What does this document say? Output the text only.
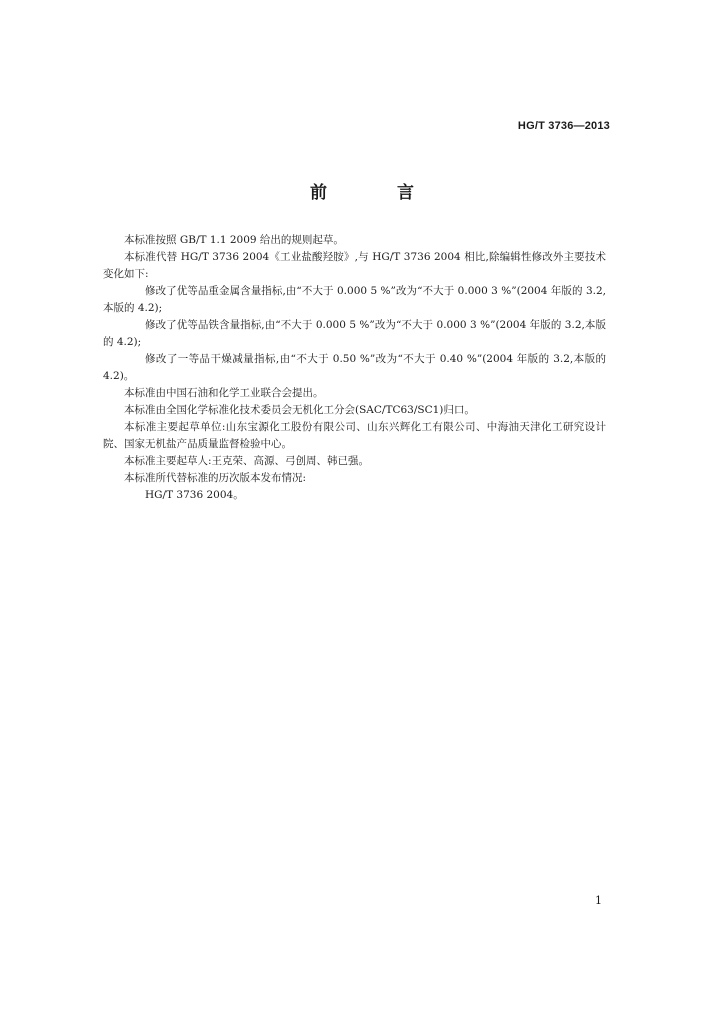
HG/T 3736—2013
前 言

本标准按照 GB/T 1.1 2009 给出的规则起草。

本标准代替 HG/T 3736 2004《工业盐酸羟胺》,与 HG/T 3736 2004 相比,除编辑性修改外主要技术变化如下:

修改了优等品重金属含量指标,由“不大于 0.000 5 %”改为“不大于 0.000 3 %”(2004 年版的 3.2,本版的 4.2);

修改了优等品铁含量指标,由“不大于 0.000 5 %”改为“不大于 0.000 3 %”(2004 年版的 3.2,本版的 4.2);

修改了一等品干燥减量指标,由“不大于 0.50 %”改为“不大于 0.40 %”(2004 年版的 3.2,本版的 4.2)。

本标准由中国石油和化学工业联合会提出。

本标准由全国化学标准化技术委员会无机化工分会(SAC/TC63/SC1)归口。

本标准主要起草单位:山东宝源化工股份有限公司、山东兴辉化工有限公司、中海油天津化工研究设计院、国家无机盐产品质量监督检验中心。

本标准主要起草人:王克荣、高源、弓创周、韩已强。

本标准所代替标准的历次版本发布情况:

HG/T 3736 2004。

1
